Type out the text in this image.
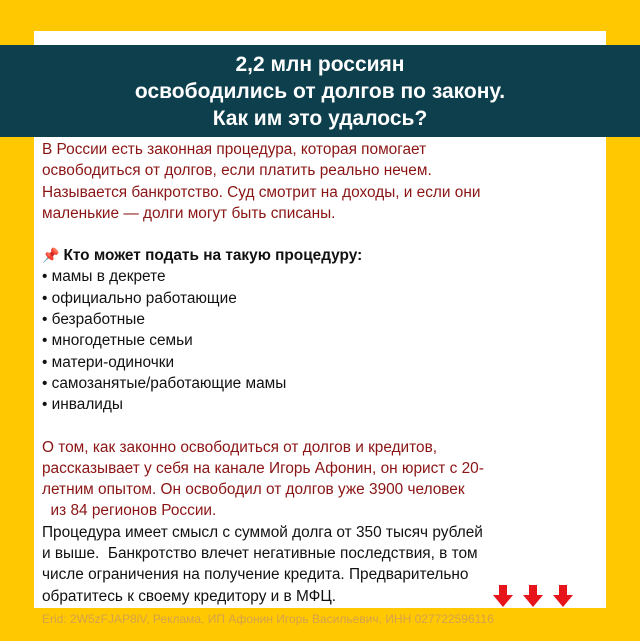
2,2 млн россиян
освободились от долгов по закону.
Как им это удалось?
В России есть законная процедура, которая помогает
освободиться от долгов, если платить реально нечем.
Называется банкротство. Суд смотрит на доходы, и если они
маленькие — долги могут быть списаны.
📌 Кто может подать на такую процедуру:
• мамы в декрете
• официально работающие
• безработные
• многодетные семьи
• матери-одиночки
• самозанятые/работающие мамы
• инвалиды
О том, как законно освободиться от долгов и кредитов,
рассказывает у себя на канале Игорь Афонин, он юрист с 20-
летним опытом. Он освободил от долгов уже 3900 человек
из 84 регионов России.
Процедура имеет смысл с суммой долга от 350 тысяч рублей
и выше.  Банкротство влечет негативные последствия, в том
числе ограничения на получение кредита. Предварительно
обратитесь к своему кредитору и в МФЦ.
Erid: 2W5zFJAP8iV, Реклама, ИП Афонин Игорь Васильевич, ИНН 027722596116
